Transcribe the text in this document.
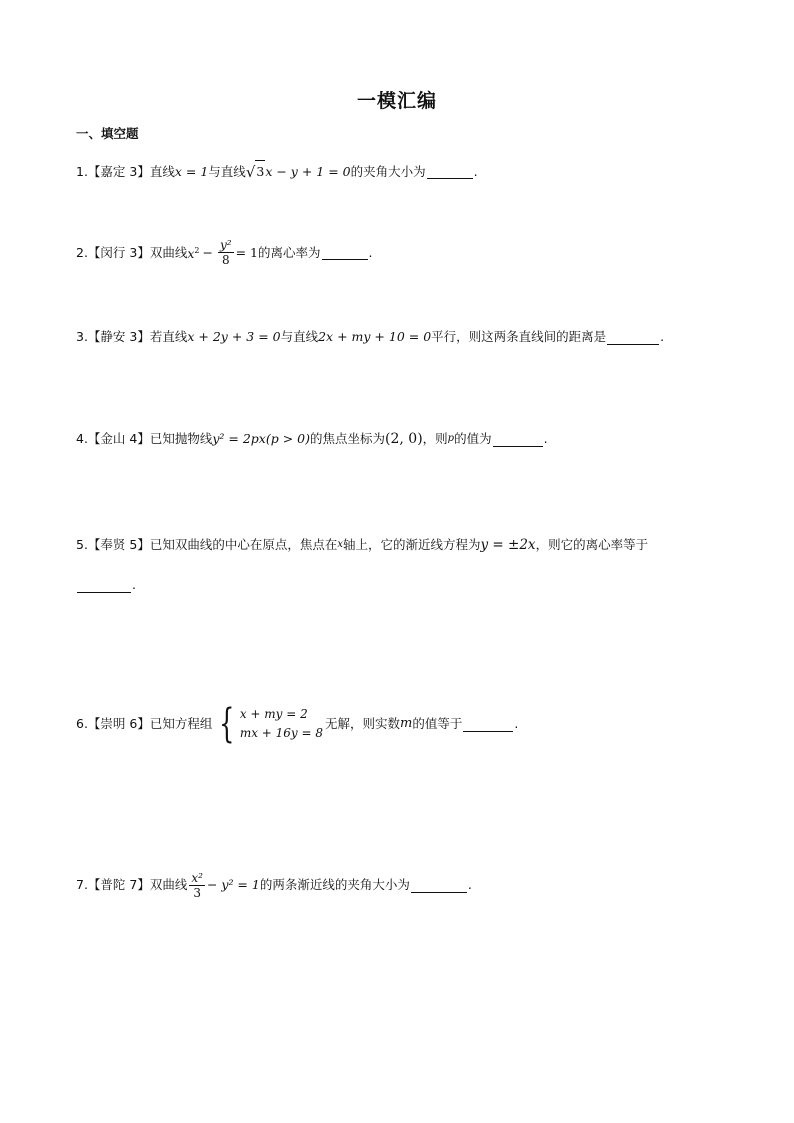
一模汇编
一、填空题
1.【嘉定 3】直线 x = 1 与直线 √ 3 x − y + 1 = 0 的夹角大小为	.
2.【闵行 3】双曲线 $x^2 - \frac{\text{y²}}{8} = 1$ 的离心率为	.
3.【静安 3】若直线 x + 2y + 3 = 0 与直线 2x + my + 10 = 0 平行，则这两条直线间的距离是	.
4.【金山 4】已知抛物线 y² = 2px(p > 0) 的焦点坐标为 (2, 0) ，则 p 的值为	.
5.【奉贤 5】已知双曲线的中心在原点，焦点在 x 轴上，它的渐近线方程为 y = ±2x ，则它的离心率等于
.
6.【崇明 6】已知方程组 { x + my = 2
mx + 16y = 8
无解，则实数 m 的值等于	.
7.【普陀 7】双曲线 $\frac{\text{x²}}{3} - y^2 = 1$ 的两条渐近线的夹角大小为	.
